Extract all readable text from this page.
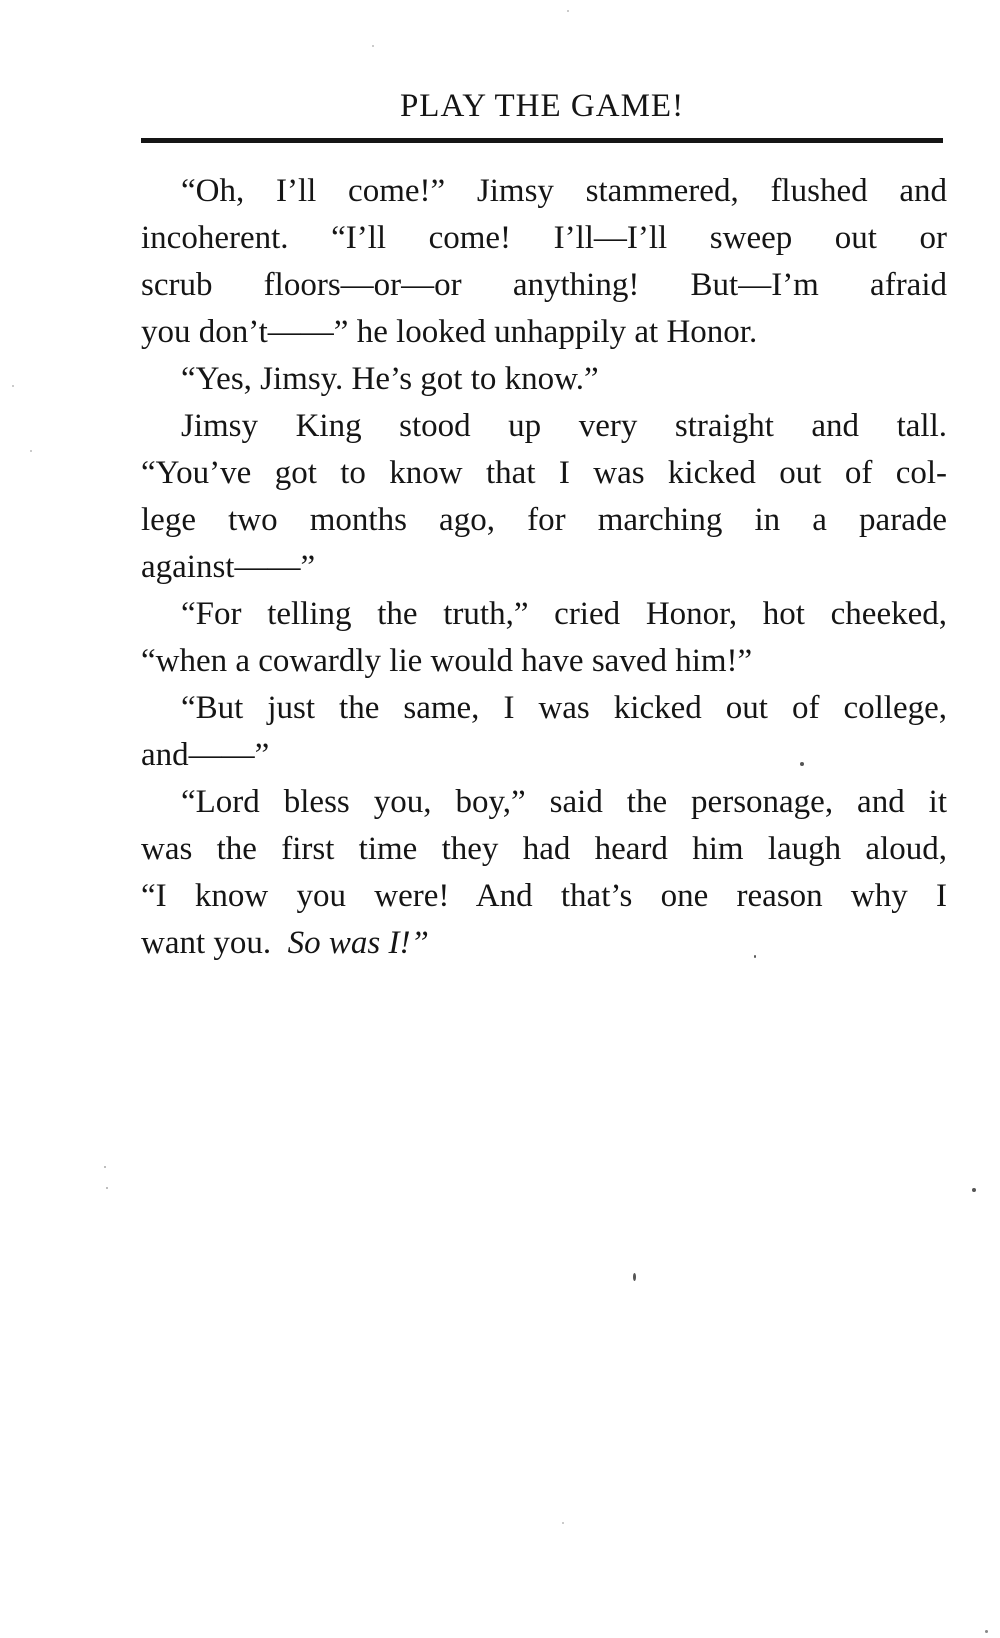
PLAY THE GAME!
“Oh, I’ll come!” Jimsy stammered, flushed and
incoherent. “I’ll come! I’ll—I’ll sweep out or
scrub floors—or—or anything! But—I’m afraid
you don’t——” he looked unhappily at Honor.
“Yes, Jimsy. He’s got to know.”
Jimsy King stood up very straight and tall.
“You’ve got to know that I was kicked out of col-
lege two months ago, for marching in a parade
against——”
“For telling the truth,” cried Honor, hot cheeked,
“when a cowardly lie would have saved him!”
“But just the same, I was kicked out of college,
and——”
“Lord bless you, boy,” said the personage, and it
was the first time they had heard him laugh aloud,
“I know you were! And that’s one reason why I
want you. So was I!”
